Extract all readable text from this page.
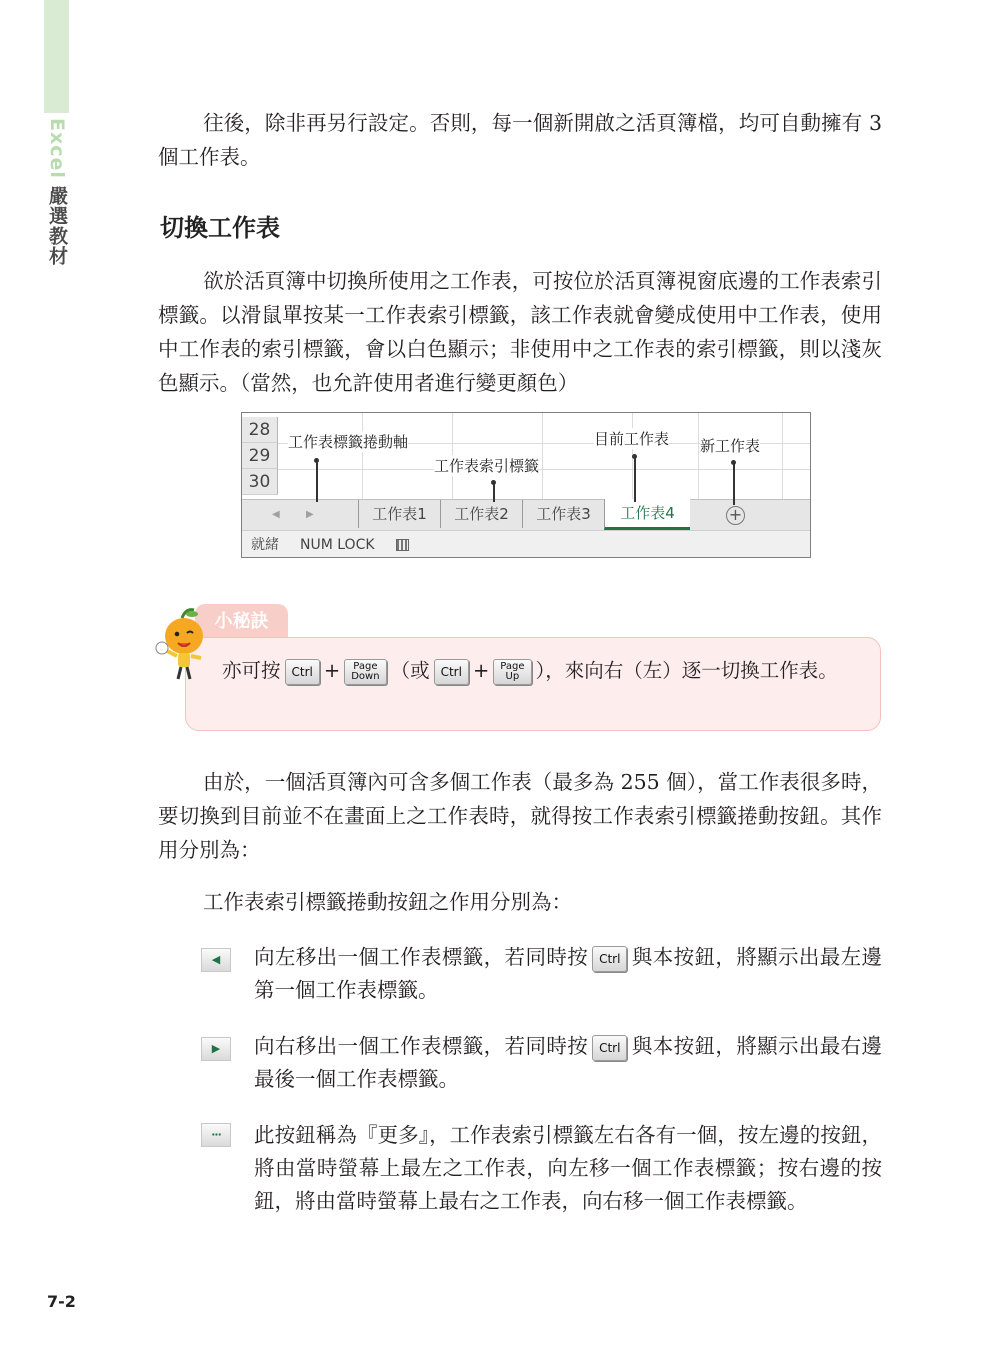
Excel
嚴選教材

往後，除非再另行設定。否則，每一個新開啟之活頁簿檔，均可自動擁有 3 個工作表。

切換工作表

欲於活頁簿中切換所使用之工作表，可按位於活頁簿視窗底邊的工作表索引標籤。以滑鼠單按某一工作表索引標籤，該工作表就會變成使用中工作表，使用中工作表的索引標籤，會以白色顯示；非使用中之工作表的索引標籤，則以淺灰色顯示。（當然，也允許使用者進行變更顏色）

28
29
30
◀	▶	工作表1	工作表2	工作表3	工作表4	+
就緒 NUM LOCK
工作表標籤捲動軸
工作表索引標籤
目前工作表 新工作表
小秘訣
亦可按 Ctrl + Page
Down （或 Ctrl + Page
Up ），來向右（左）逐一切換工作表。

由於，一個活頁簿內可含多個工作表（最多為 255 個），當工作表很多時，要切換到目前並不在畫面上之工作表時，就得按工作表索引標籤捲動按鈕。其作用分別為：

工作表索引標籤捲動按鈕之作用分別為：

◀	向左移出一個工作表標籤，若同時按 Ctrl 與本按鈕，將顯示出最左邊第一個工作表標籤。

▶	向右移出一個工作表標籤，若同時按 Ctrl 與本按鈕，將顯示出最右邊最後一個工作表標籤。

···	此按鈕稱為『更多』，工作表索引標籤左右各有一個，按左邊的按鈕，將由當時螢幕上最左之工作表，向左移一個工作表標籤；按右邊的按鈕，將由當時螢幕上最右之工作表，向右移一個工作表標籤。

7-2
